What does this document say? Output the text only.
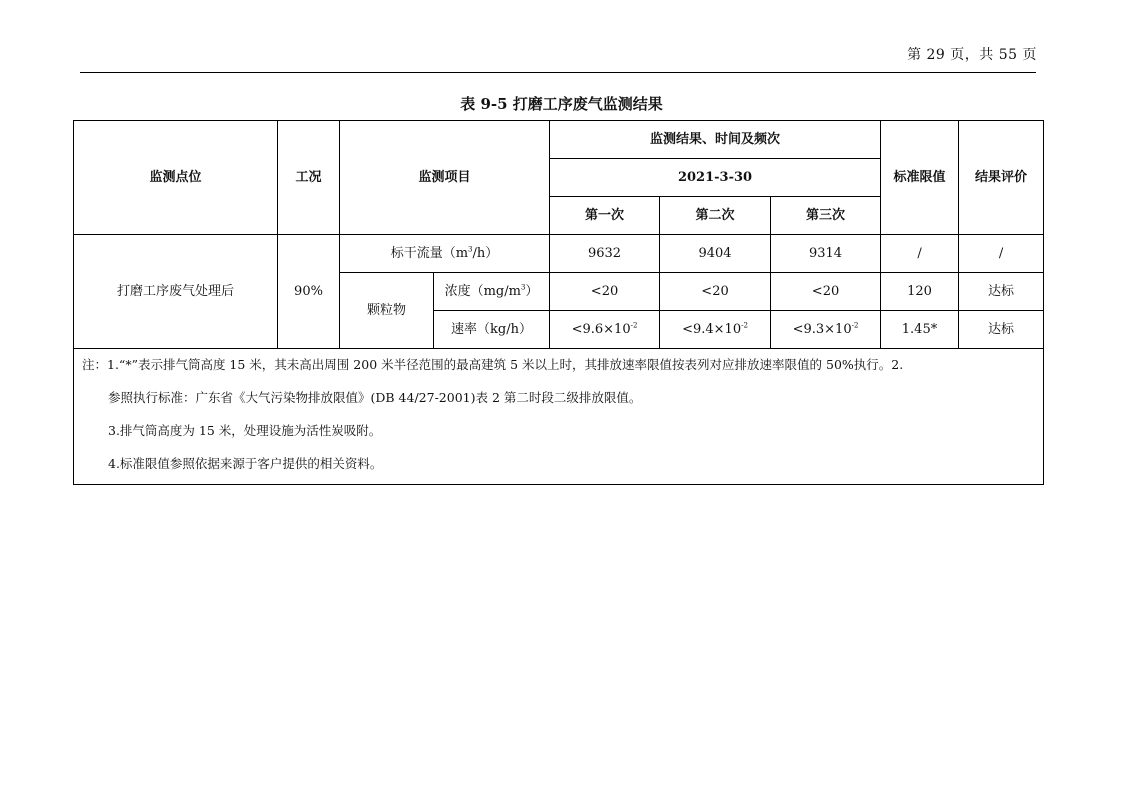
第 29 页，共 55 页
表 9-5 打磨工序废气监测结果
监测点位	工况	监测项目		监测结果、时间及频次			标准限值	结果评价
				2021-3-30				
				第一次	第二次	第三次		
打磨工序废气处理后	90%	标干流量$(m^3/h)$		9632	9404	9314	/	/
		颗粒物	浓度$(mg/m^3)$	<20	<20	<20	120	达标
			速率（kg/h）	$<9.6\times 10^{-2}$	$<9.4\times 10^{-2}$	$<9.3\times 10^{-2}$	1.45*	达标

注：1.“*”表示排气筒高度 15 米，其未高出周围 200 米半径范围的最高建筑 5 米以上时，其排放速率限值按表列对应排放速率限值的 50%执行。2.
参照执行标准：广东省《大气污染物排放限值》(DB 44/27-2001)表 2 第二时段二级排放限值。
3.排气筒高度为 15 米，处理设施为活性炭吸附。
4.标准限值参照依据来源于客户提供的相关资料。								
